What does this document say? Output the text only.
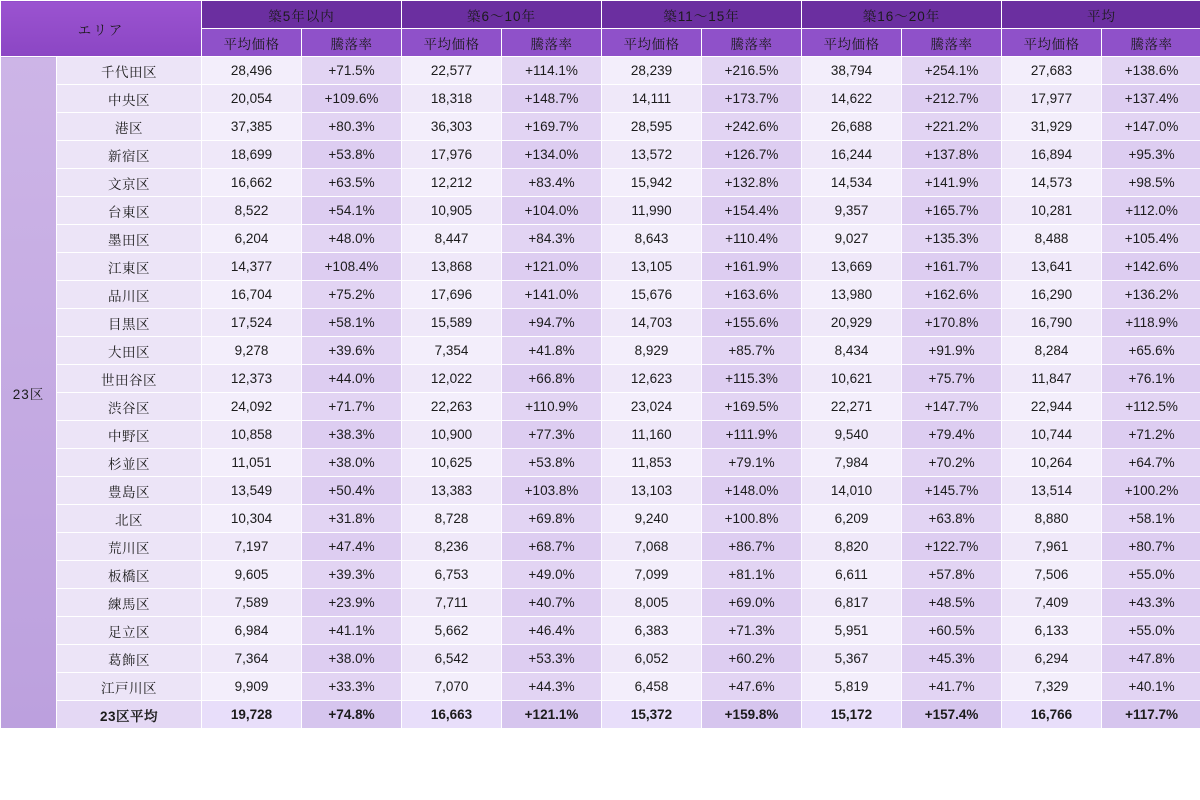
エリア		築5年以内		築6〜10年		築11〜15年		築16〜20年		平均	
		平均価格	騰落率	平均価格	騰落率	平均価格	騰落率	平均価格	騰落率	平均価格	騰落率
23区	千代田区	28,496	+71.5%	22,577	+114.1%	28,239	+216.5%	38,794	+254.1%	27,683	+138.6%
	中央区	20,054	+109.6%	18,318	+148.7%	14,111	+173.7%	14,622	+212.7%	17,977	+137.4%
	港区	37,385	+80.3%	36,303	+169.7%	28,595	+242.6%	26,688	+221.2%	31,929	+147.0%
	新宿区	18,699	+53.8%	17,976	+134.0%	13,572	+126.7%	16,244	+137.8%	16,894	+95.3%
	文京区	16,662	+63.5%	12,212	+83.4%	15,942	+132.8%	14,534	+141.9%	14,573	+98.5%
	台東区	8,522	+54.1%	10,905	+104.0%	11,990	+154.4%	9,357	+165.7%	10,281	+112.0%
	墨田区	6,204	+48.0%	8,447	+84.3%	8,643	+110.4%	9,027	+135.3%	8,488	+105.4%
	江東区	14,377	+108.4%	13,868	+121.0%	13,105	+161.9%	13,669	+161.7%	13,641	+142.6%
	品川区	16,704	+75.2%	17,696	+141.0%	15,676	+163.6%	13,980	+162.6%	16,290	+136.2%
	目黒区	17,524	+58.1%	15,589	+94.7%	14,703	+155.6%	20,929	+170.8%	16,790	+118.9%
	大田区	9,278	+39.6%	7,354	+41.8%	8,929	+85.7%	8,434	+91.9%	8,284	+65.6%
	世田谷区	12,373	+44.0%	12,022	+66.8%	12,623	+115.3%	10,621	+75.7%	11,847	+76.1%
	渋谷区	24,092	+71.7%	22,263	+110.9%	23,024	+169.5%	22,271	+147.7%	22,944	+112.5%
	中野区	10,858	+38.3%	10,900	+77.3%	11,160	+111.9%	9,540	+79.4%	10,744	+71.2%
	杉並区	11,051	+38.0%	10,625	+53.8%	11,853	+79.1%	7,984	+70.2%	10,264	+64.7%
	豊島区	13,549	+50.4%	13,383	+103.8%	13,103	+148.0%	14,010	+145.7%	13,514	+100.2%
	北区	10,304	+31.8%	8,728	+69.8%	9,240	+100.8%	6,209	+63.8%	8,880	+58.1%
	荒川区	7,197	+47.4%	8,236	+68.7%	7,068	+86.7%	8,820	+122.7%	7,961	+80.7%
	板橋区	9,605	+39.3%	6,753	+49.0%	7,099	+81.1%	6,611	+57.8%	7,506	+55.0%
	練馬区	7,589	+23.9%	7,711	+40.7%	8,005	+69.0%	6,817	+48.5%	7,409	+43.3%
	足立区	6,984	+41.1%	5,662	+46.4%	6,383	+71.3%	5,951	+60.5%	6,133	+55.0%
	葛飾区	7,364	+38.0%	6,542	+53.3%	6,052	+60.2%	5,367	+45.3%	6,294	+47.8%
	江戸川区	9,909	+33.3%	7,070	+44.3%	6,458	+47.6%	5,819	+41.7%	7,329	+40.1%
	23区平均	19,728	+74.8%	16,663	+121.1%	15,372	+159.8%	15,172	+157.4%	16,766	+117.7%
